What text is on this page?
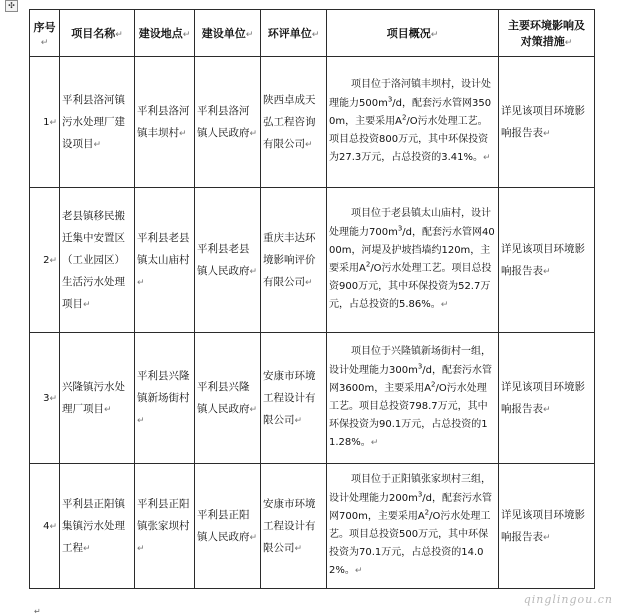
✣
序号↵	项目名称↵	建设地点↵	建设单位↵	环评单位↵	项目概况↵	主要环境影响及
对策措施↵
1↵	平利县洛河镇污水处理厂建设项目↵	平利县洛河镇丰坝村↵	平利县洛河镇人民政府↵	陕西卓成天弘工程咨询有限公司↵	项目位于洛河镇丰坝村，设计处理能力$500m^3/d$，配套污水管网3500m，主要采用$A^2/O$污水处理工艺。项目总投资800万元，其中环保投资为27.3万元，占总投资的3.41%。↵	详见该项目环境影响报告表↵
2↵	老县镇移民搬迁集中安置区（工业园区）生活污水处理项目↵	平利县老县镇太山庙村↵	平利县老县镇人民政府↵	重庆丰达环境影响评价有限公司↵	项目位于老县镇太山庙村，设计处理能力$700m^3/d$，配套污水管网4000m，河堤及护坡挡墙约120m，主要采用$A^2/O$污水处理工艺。项目总投资900万元，其中环保投资为52.7万元，占总投资的5.86%。↵	详见该项目环境影响报告表↵
3↵	兴隆镇污水处理厂项目↵	平利县兴隆镇新场街村↵	平利县兴隆镇人民政府↵	安康市环境工程设计有限公司↵	项目位于兴隆镇新场街村一组，设计处理能力$300m^3/d$，配套污水管网3600m，主要采用$A^2/O$污水处理工艺。项目总投资798.7万元，其中环保投资为90.1万元，占总投资的11.28%。↵	详见该项目环境影响报告表↵
4↵	平利县正阳镇集镇污水处理工程↵	平利县正阳镇张家坝村↵	平利县正阳镇人民政府↵	安康市环境工程设计有限公司↵	项目位于正阳镇张家坝村三组，设计处理能力$200m^3/d$，配套污水管网700m，主要采用$A^2/O$污水处理工艺。项目总投资500万元，其中环保投资为70.1万元，占总投资的14.02%。↵	详见该项目环境影响报告表↵
↵
qinglingou.cn
